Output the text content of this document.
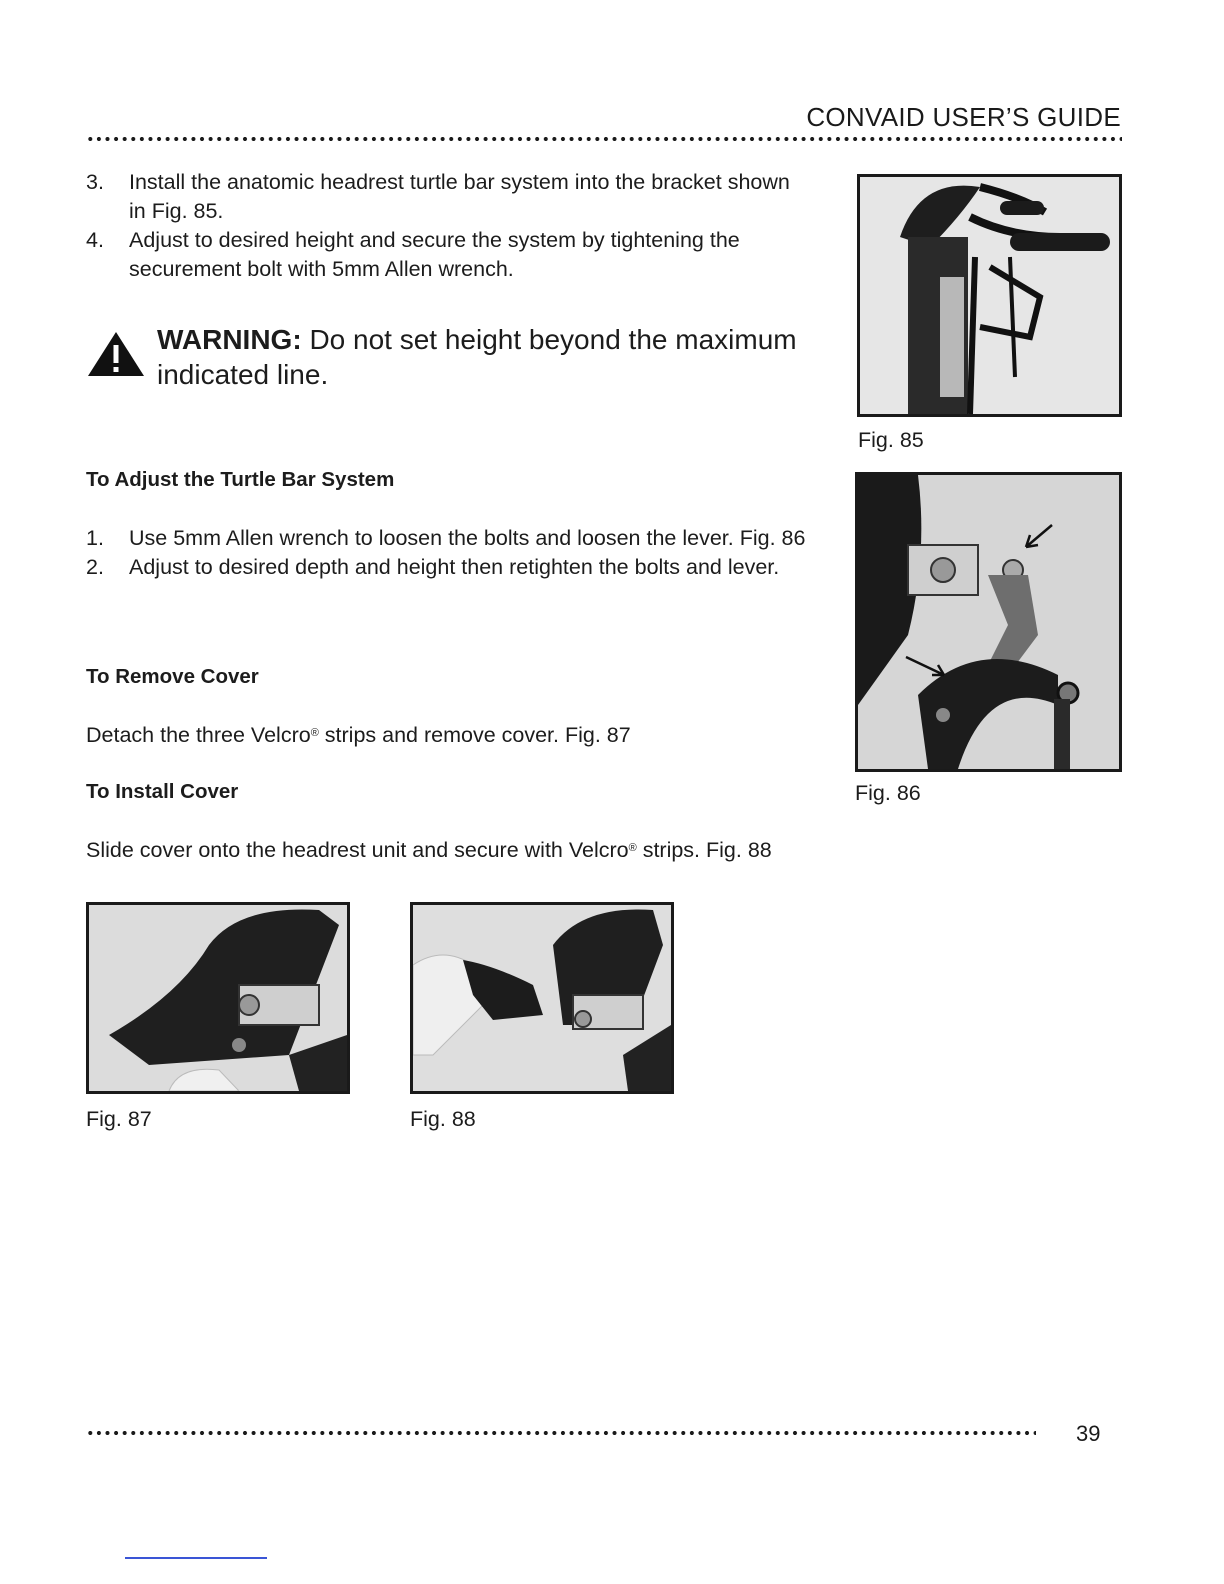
CONVAID USER’S GUIDE
3. Install the anatomic headrest turtle bar system into the bracket shown in Fig. 85.
4. Adjust to desired height and secure the system by tightening the securement bolt with 5mm Allen wrench.
WARNING: Do not set height beyond the maximum indicated line.
Fig. 85
To Adjust the Turtle Bar System
1. Use 5mm Allen wrench to loosen the bolts and loosen the lever. Fig. 86
2. Adjust to desired depth and height then retighten the bolts and lever.
Fig. 86
To Remove Cover
Detach the three Velcro® strips and remove cover. Fig. 87
To Install Cover
Slide cover onto the headrest unit and secure with Velcro® strips. Fig. 88
Fig. 87	Fig. 88
39
